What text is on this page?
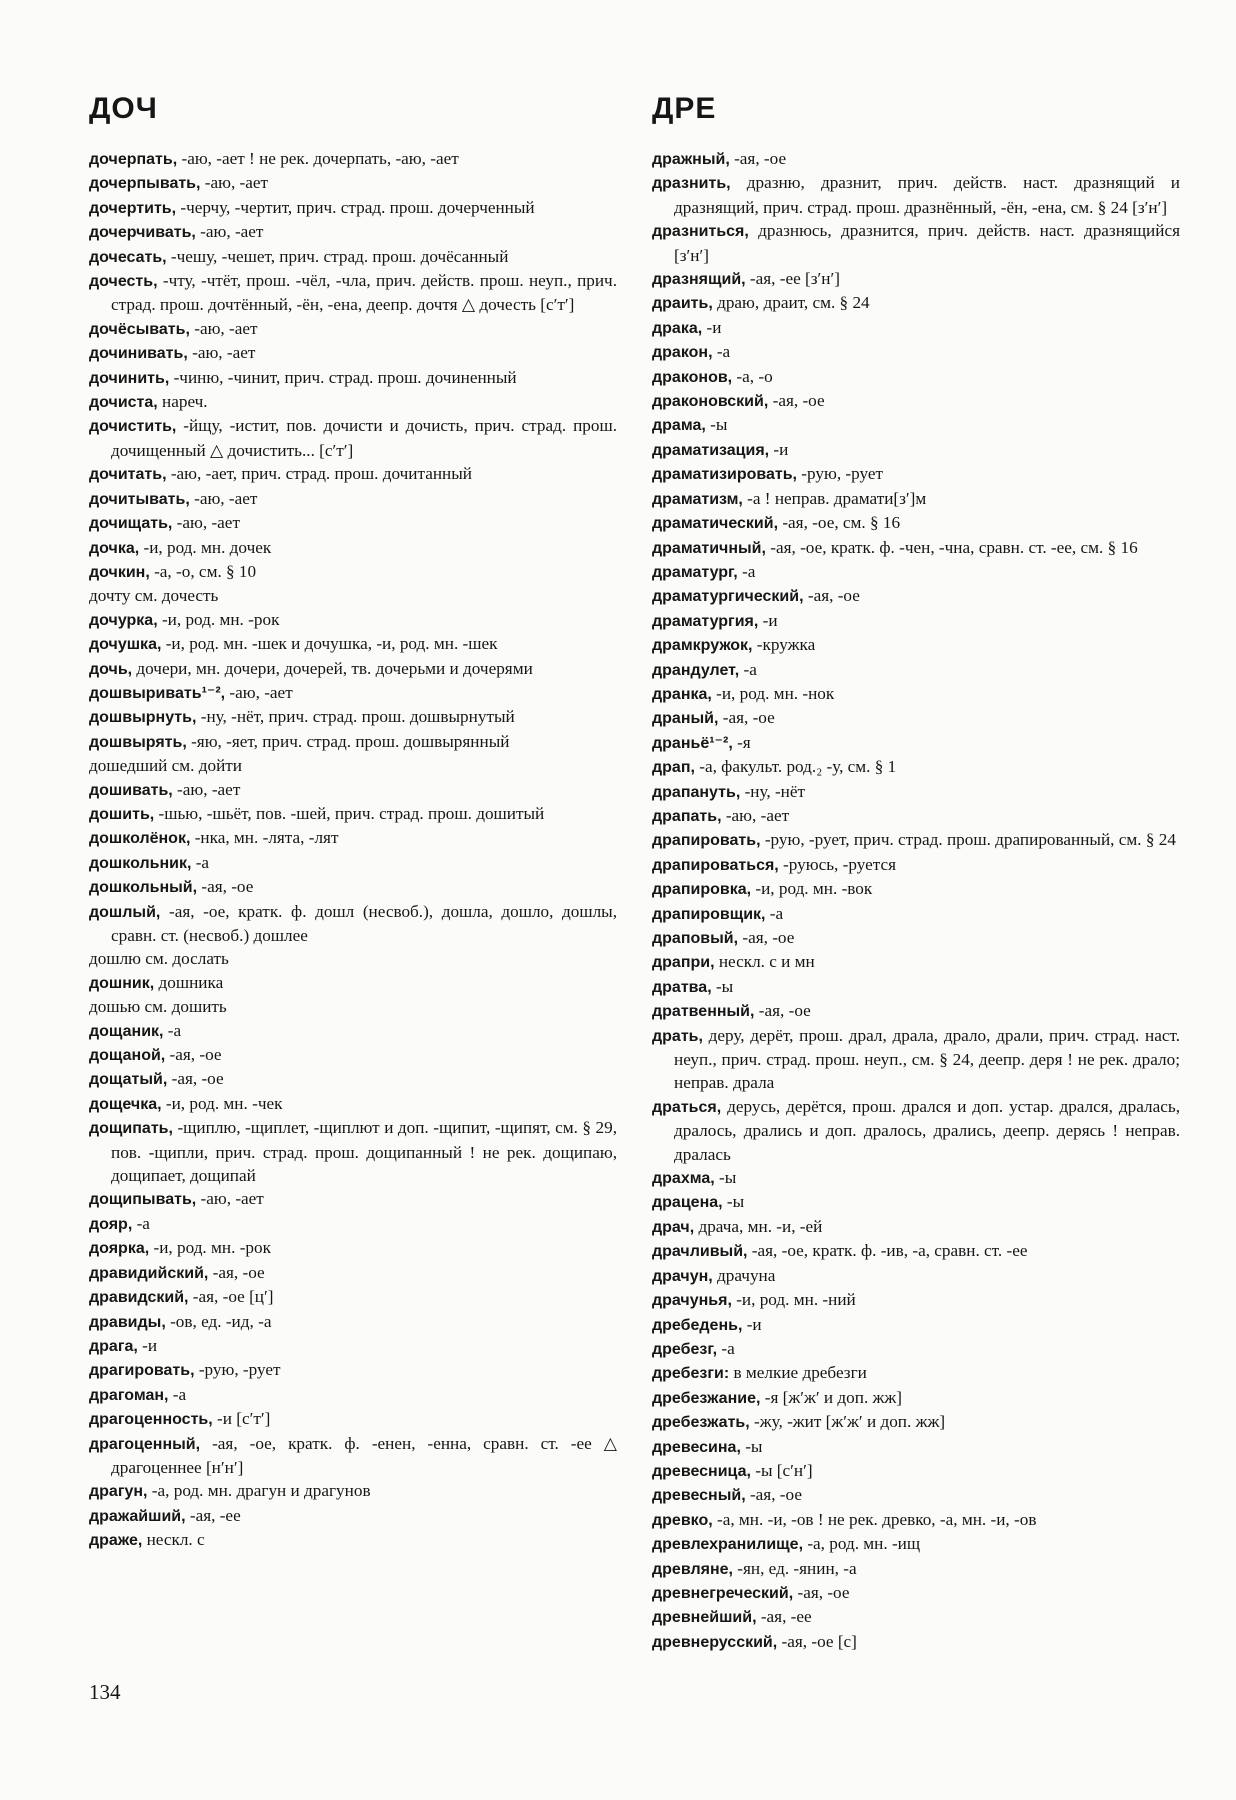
ДОЧ	ДРЕ

дочерпать, -аю, -ает ! не рек. дочерпать, -аю, -ает

дочерпывать, -аю, -ает

дочертить, -черчу, -чертит, прич. страд. прош. дочерченный

дочерчивать, -аю, -ает

дочесать, -чешу, -чешет, прич. страд. прош. дочёсанный

дочесть, -чту, -чтёт, прош. -чёл, -чла, прич. действ. прош. неуп., прич. страд. прош. дочтённый, -ён, -ена, деепр. дочтя △ дочесть [сʹтʹ]

дочёсывать, -аю, -ает

дочинивать, -аю, -ает

дочинить, -чиню, -чинит, прич. страд. прош. дочиненный

дочиста, нареч.

дочистить, -йщу, -истит, пов. дочисти и дочисть, прич. страд. прош. дочищенный △ дочистить... [сʹтʹ]

дочитать, -аю, -ает, прич. страд. прош. дочитанный

дочитывать, -аю, -ает

дочищать, -аю, -ает

дочка, -и, род. мн. дочек

дочкин, -а, -о, см. § 10

дочту см. дочесть

дочурка, -и, род. мн. -рок

дочушка, -и, род. мн. -шек и дочушка, -и, род. мн. -шек

дочь, дочери, мн. дочери, дочерей, тв. дочерьми и дочерями

дошвыривать¹⁻², -аю, -ает

дошвырнуть, -ну, -нёт, прич. страд. прош. дошвырнутый

дошвырять, -яю, -яет, прич. страд. прош. дошвырянный

дошедший см. дойти

дошивать, -аю, -ает

дошить, -шью, -шьёт, пов. -шей, прич. страд. прош. дошитый

дошколёнок, -нка, мн. -лята, -лят

дошкольник, -а

дошкольный, -ая, -ое

дошлый, -ая, -ое, кратк. ф. дошл (несвоб.), дошла, дошло, дошлы, сравн. ст. (несвоб.) дошлее

дошлю см. дослать

дошник, дошника

дошью см. дошить

дощаник, -а

дощаной, -ая, -ое

дощатый, -ая, -ое

дощечка, -и, род. мн. -чек

дощипать, -щиплю, -щиплет, -щиплют и доп. -щипит, -щипят, см. § 29, пов. -щипли, прич. страд. прош. дощипанный ! не рек. дощипаю, дощипает, дощипай

дощипывать, -аю, -ает

дояр, -а

доярка, -и, род. мн. -рок

дравидийский, -ая, -ое

дравидский, -ая, -ое [цʹ]

дравиды, -ов, ед. -ид, -а

драга, -и

драгировать, -рую, -рует

драгоман, -а

драгоценность, -и [сʹтʹ]

драгоценный, -ая, -ое, кратк. ф. -енен, -енна, сравн. ст. -ее △ драгоценнее [нʹнʹ]

драгун, -а, род. мн. драгун и драгунов

дражайший, -ая, -ее

драже, нескл. с

дражный, -ая, -ое

дразнить, дразню, дразнит, прич. действ. наст. дразнящий и дразнящий, прич. страд. прош. дразнённый, -ён, -ена, см. § 24 [зʹнʹ]

дразниться, дразнюсь, дразнится, прич. действ. наст. дразнящийся [зʹнʹ]

дразнящий, -ая, -ее [зʹнʹ]

драить, драю, драит, см. § 24

драка, -и

дракон, -а

драконов, -а, -о

драконовский, -ая, -ое

драма, -ы

драматизация, -и

драматизировать, -рую, -рует

драматизм, -а ! неправ. драмати[зʹ]м

драматический, -ая, -ое, см. § 16

драматичный, -ая, -ое, кратк. ф. -чен, -чна, сравн. ст. -ее, см. § 16

драматург, -а

драматургический, -ая, -ое

драматургия, -и

драмкружок, -кружка

драндулет, -а

дранка, -и, род. мн. -нок

драный, -ая, -ое

драньё¹⁻², -я

драп, -а, факульт. род.₂ -у, см. § 1

драпануть, -ну, -нёт

драпать, -аю, -ает

драпировать, -рую, -рует, прич. страд. прош. драпированный, см. § 24

драпироваться, -руюсь, -руется

драпировка, -и, род. мн. -вок

драпировщик, -а

драповый, -ая, -ое

драпри, нескл. с и мн

дратва, -ы

дратвенный, -ая, -ое

драть, деру, дерёт, прош. драл, драла, драло, драли, прич. страд. наст. неуп., прич. страд. прош. неуп., см. § 24, деепр. деря ! не рек. драло; неправ. драла

драться, дерусь, дерётся, прош. дрался и доп. устар. дрался, дралась, дралось, дрались и доп. дралось, дрались, деепр. дерясь ! неправ. дралась

драхма, -ы

драцена, -ы

драч, драча, мн. -и, -ей

драчливый, -ая, -ое, кратк. ф. -ив, -а, сравн. ст. -ее

драчун, драчуна

драчунья, -и, род. мн. -ний

дребедень, -и

дребезг, -а

дребезги: в мелкие дребезги

дребезжание, -я [жʹжʹ и доп. жж]

дребезжать, -жу, -жит [жʹжʹ и доп. жж]

древесина, -ы

древесница, -ы [сʹнʹ]

древесный, -ая, -ое

древко, -а, мн. -и, -ов ! не рек. древко, -а, мн. -и, -ов

древлехранилище, -а, род. мн. -ищ

древляне, -ян, ед. -янин, -а

древнегреческий, -ая, -ое

древнейший, -ая, -ее

древнерусский, -ая, -ое [с]

134
